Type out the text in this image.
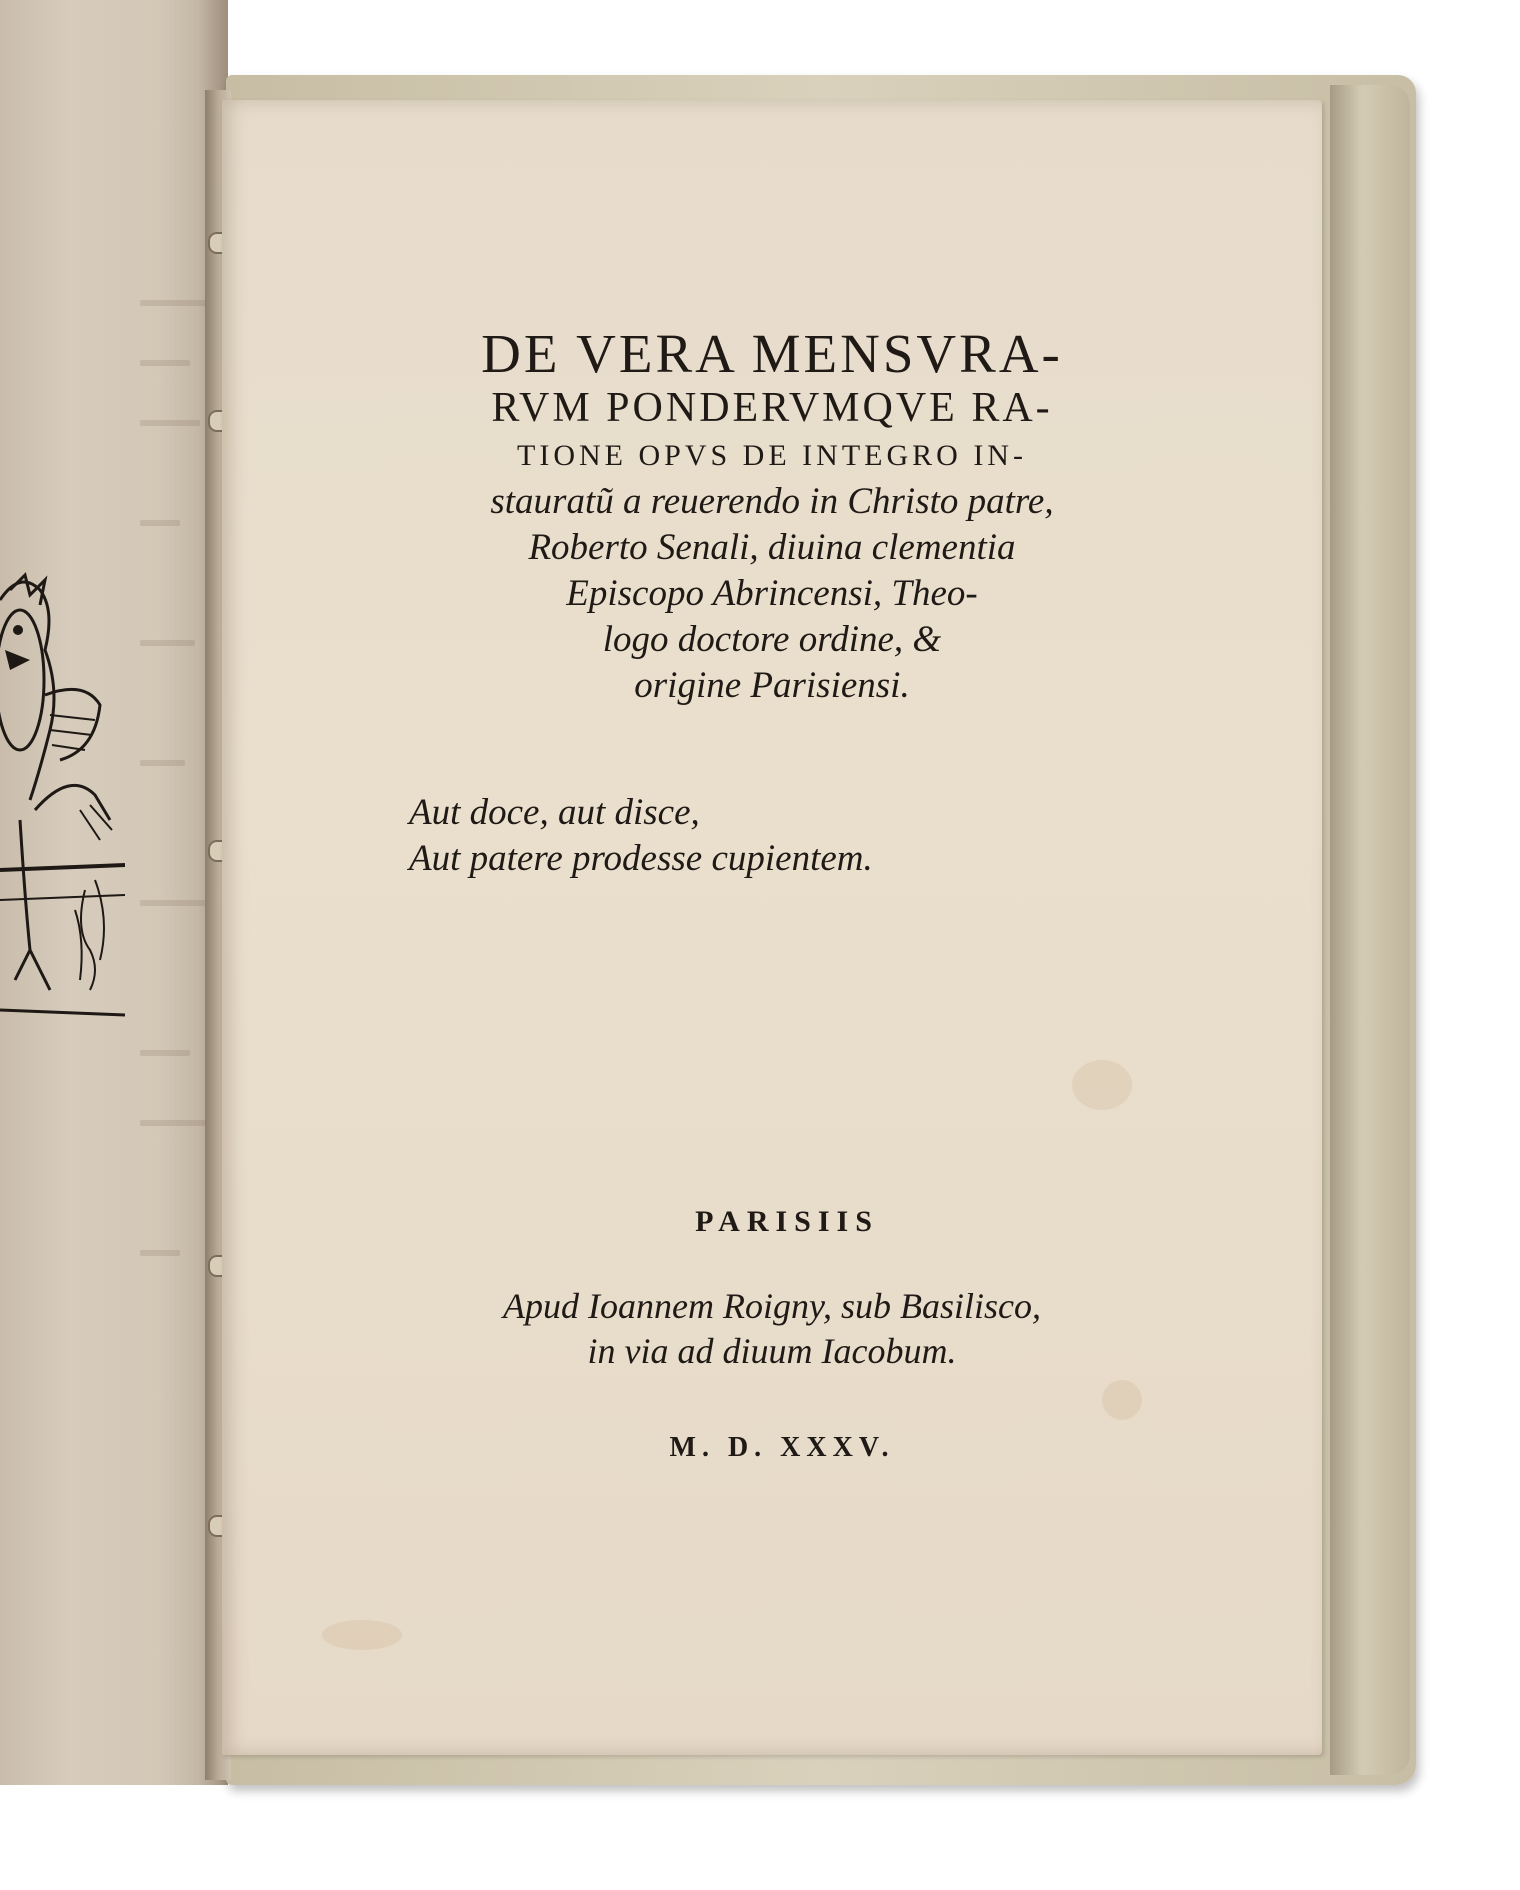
DE VERA MENSVRA-

RVM PONDERVMQVE RA-

TIONE OPVS DE INTEGRO IN-

stauratũ a reuerendo in Christo patre,

Roberto Senali, diuina clementia

Episcopo Abrincensi, Theo-

logo doctore ordine, &

origine Parisiensi.

Aut doce, aut disce,

Aut patere prodesse cupientem.

PARISIIS

Apud Ioannem Roigny, sub Basilisco,

in via ad diuum Iacobum.

M. D. XXXV.
